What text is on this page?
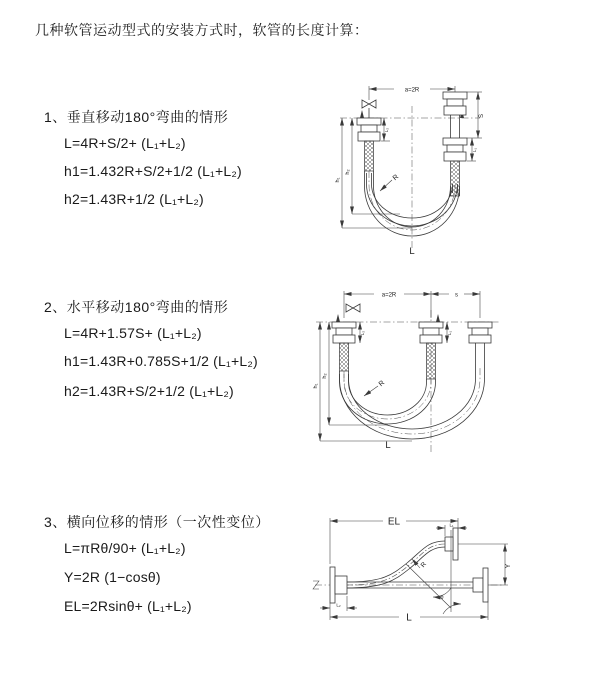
几种软管运动型式的安装方式时，软管的长度计算：
1、垂直移动180°弯曲的情形
L=4R+S/2+ (L₁+L₂)
h1=1.432R+S/2+1/2 (L₁+L₂)
h2=1.43R+1/2 (L₁+L₂)
2、水平移动180°弯曲的情形
L=4R+1.57S+ (L₁+L₂)
h1=1.43R+0.785S+1/2 (L₁+L₂)
h2=1.43R+S/2+1/2 (L₁+L₂)
3、横向位移的情形（一次性变位）
L=πRθ/90+ (L₁+L₂)
Y=2R (1−cosθ)
EL=2Rsinθ+ (L₁+L₂)
a=2R
h₁
h₂
L₂
S
L₁
R
L
a=2R	s
h₁
h₂
L₂	L₁
R
L
EL	L₁
θ
R	Y
L₂
L
